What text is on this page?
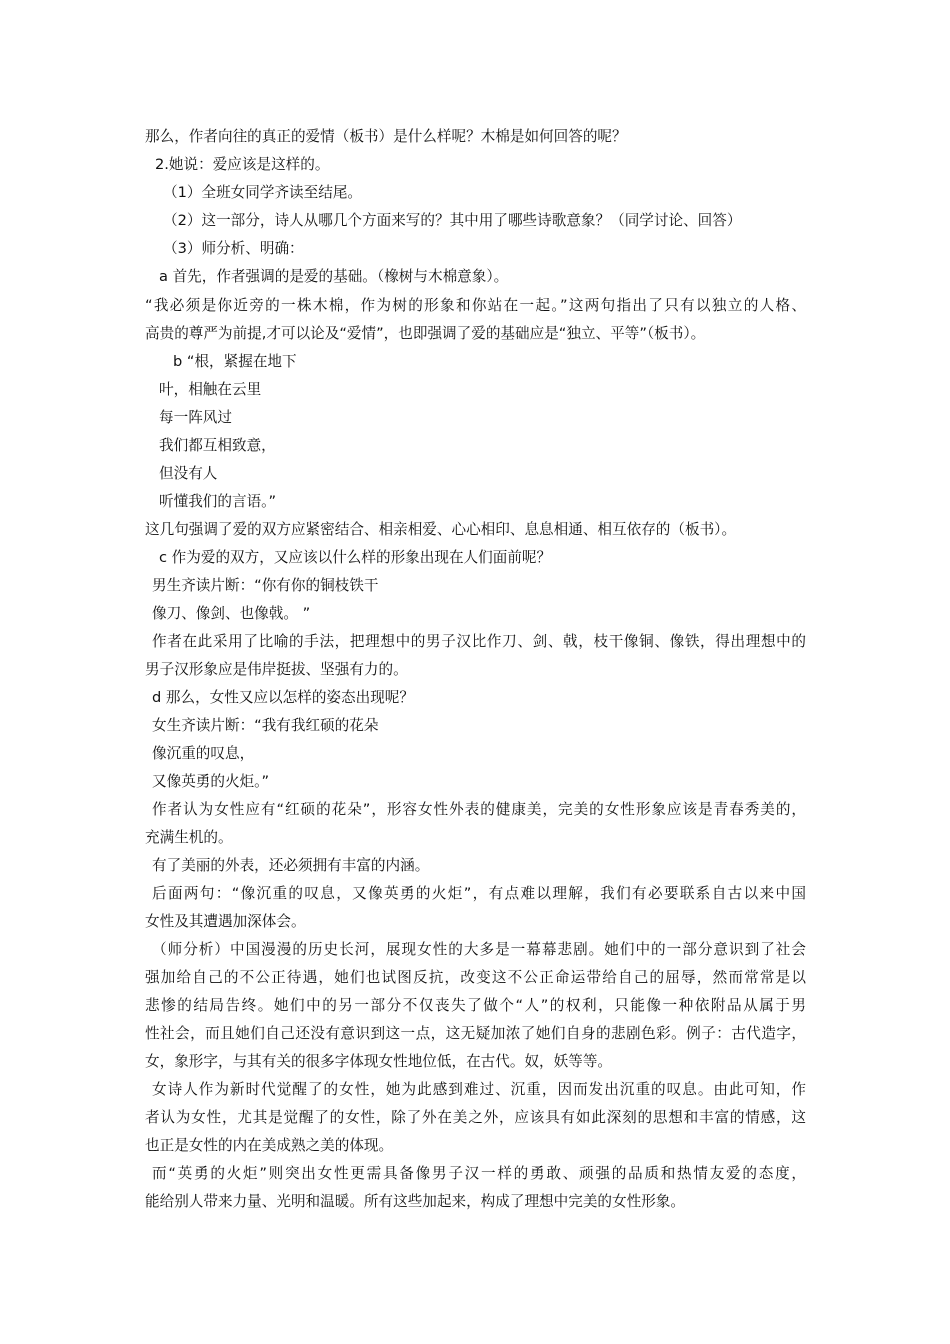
那么，作者向往的真正的爱情（板书）是什么样呢？木棉是如何回答的呢？
2.她说：爱应该是这样的。
（1）全班女同学齐读至结尾。
（2）这一部分，诗人从哪几个方面来写的？其中用了哪些诗歌意象？（同学讨论、回答）
（3）师分析、明确：
a 首先，作者强调的是爱的基础。（橡树与木棉意象）。
“我必须是你近旁的一株木棉，作为树的形象和你站在一起。”这两句指出了只有以独立的人格、
高贵的尊严为前提,才可以论及“爱情”，也即强调了爱的基础应是“独立、平等”（板书）。
b “根，紧握在地下
叶，相触在云里
每一阵风过
我们都互相致意，
但没有人
听懂我们的言语。”
这几句强调了爱的双方应紧密结合、相亲相爱、心心相印、息息相通、相互依存的（板书）。
c 作为爱的双方，又应该以什么样的形象出现在人们面前呢？
男生齐读片断：“你有你的铜枝铁干
像刀、像剑、也像戟。 ”
作者在此采用了比喻的手法，把理想中的男子汉比作刀、剑、戟，枝干像铜、像铁，得出理想中的
男子汉形象应是伟岸挺拔、坚强有力的。
d 那么，女性又应以怎样的姿态出现呢？
女生齐读片断：“我有我红硕的花朵
像沉重的叹息，
又像英勇的火炬。”
作者认为女性应有“红硕的花朵”，形容女性外表的健康美，完美的女性形象应该是青春秀美的，
充满生机的。
有了美丽的外表，还必须拥有丰富的内涵。
后面两句：“像沉重的叹息，又像英勇的火炬”，有点难以理解，我们有必要联系自古以来中国
女性及其遭遇加深体会。
（师分析）中国漫漫的历史长河，展现女性的大多是一幕幕悲剧。她们中的一部分意识到了社会
强加给自己的不公正待遇，她们也试图反抗，改变这不公正命运带给自己的屈辱，然而常常是以
悲惨的结局告终。她们中的另一部分不仅丧失了做个“人”的权利，只能像一种依附品从属于男
性社会，而且她们自己还没有意识到这一点，这无疑加浓了她们自身的悲剧色彩。例子：古代造字，
女，象形字，与其有关的很多字体现女性地位低，在古代。奴，妖等等。
女诗人作为新时代觉醒了的女性，她为此感到难过、沉重，因而发出沉重的叹息。由此可知，作
者认为女性，尤其是觉醒了的女性，除了外在美之外，应该具有如此深刻的思想和丰富的情感，这
也正是女性的内在美成熟之美的体现。
而“英勇的火炬”则突出女性更需具备像男子汉一样的勇敢、顽强的品质和热情友爱的态度，
能给别人带来力量、光明和温暖。所有这些加起来，构成了理想中完美的女性形象。
